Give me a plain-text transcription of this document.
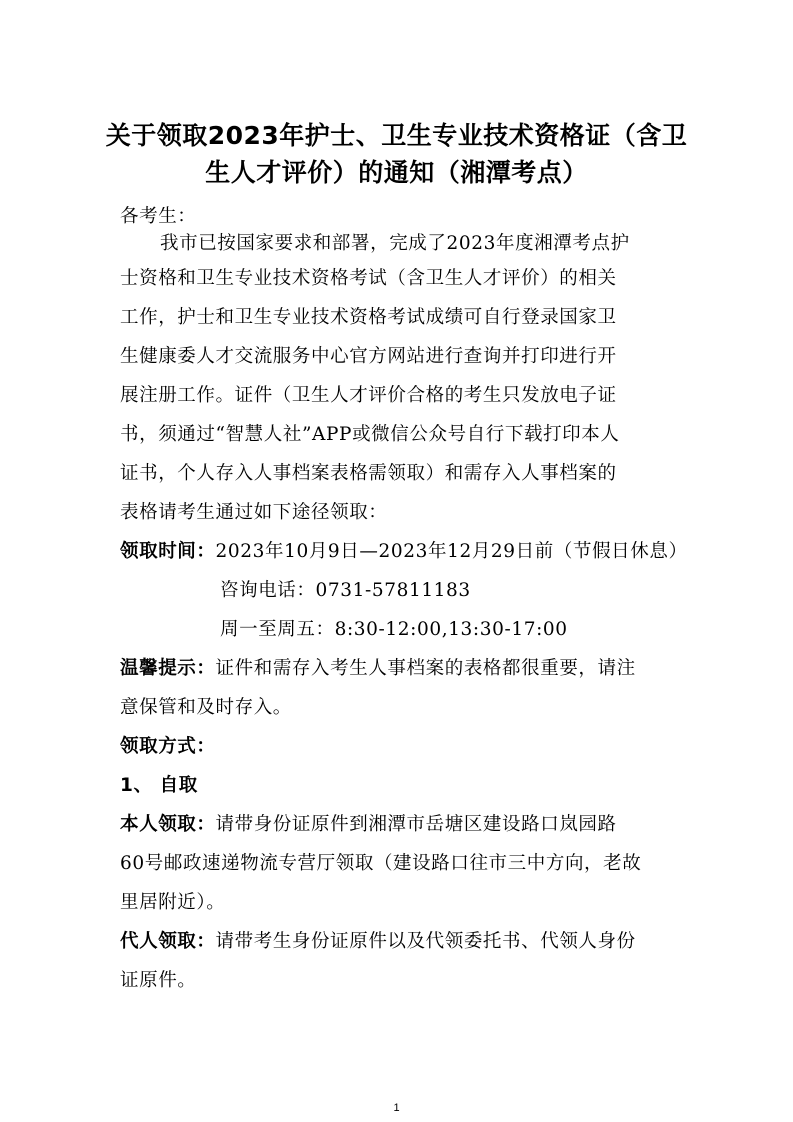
关于领取2023年护士、卫生专业技术资格证（含卫
生人才评价）的通知（湘潭考点）
各考生：
我市已按国家要求和部署，完成了2023年度湘潭考点护
士资格和卫生专业技术资格考试（含卫生人才评价）的相关
工作，护士和卫生专业技术资格考试成绩可自行登录国家卫
生健康委人才交流服务中心官方网站进行查询并打印进行开
展注册工作。证件（卫生人才评价合格的考生只发放电子证
书，须通过“智慧人社”APP或微信公众号自行下载打印本人
证书，个人存入人事档案表格需领取）和需存入人事档案的
表格请考生通过如下途径领取：
领取时间：2023年10月9日—2023年12月29日前（节假日休息）
咨询电话：0731-57811183
周一至周五：8:30-12:00,13:30-17:00
温馨提示：证件和需存入考生人事档案的表格都很重要，请注
意保管和及时存入。
领取方式：
1、 自取
本人领取：请带身份证原件到湘潭市岳塘区建设路口岚园路
60号邮政速递物流专营厅领取（建设路口往市三中方向，老故
里居附近）。
代人领取：请带考生身份证原件以及代领委托书、代领人身份
证原件。
1
